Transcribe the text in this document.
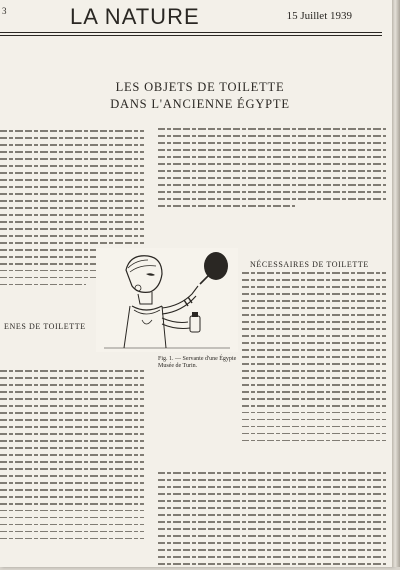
3	LA NATURE	15 Juillet 1939
LES OBJETS DE TOILETTE
DANS L'ANCIENNE ÉGYPTE
ENES DE TOILETTE
NÉCESSAIRES DE TOILETTE
Fig. 1. — Servante d'une Égypte Musée de Turin.
